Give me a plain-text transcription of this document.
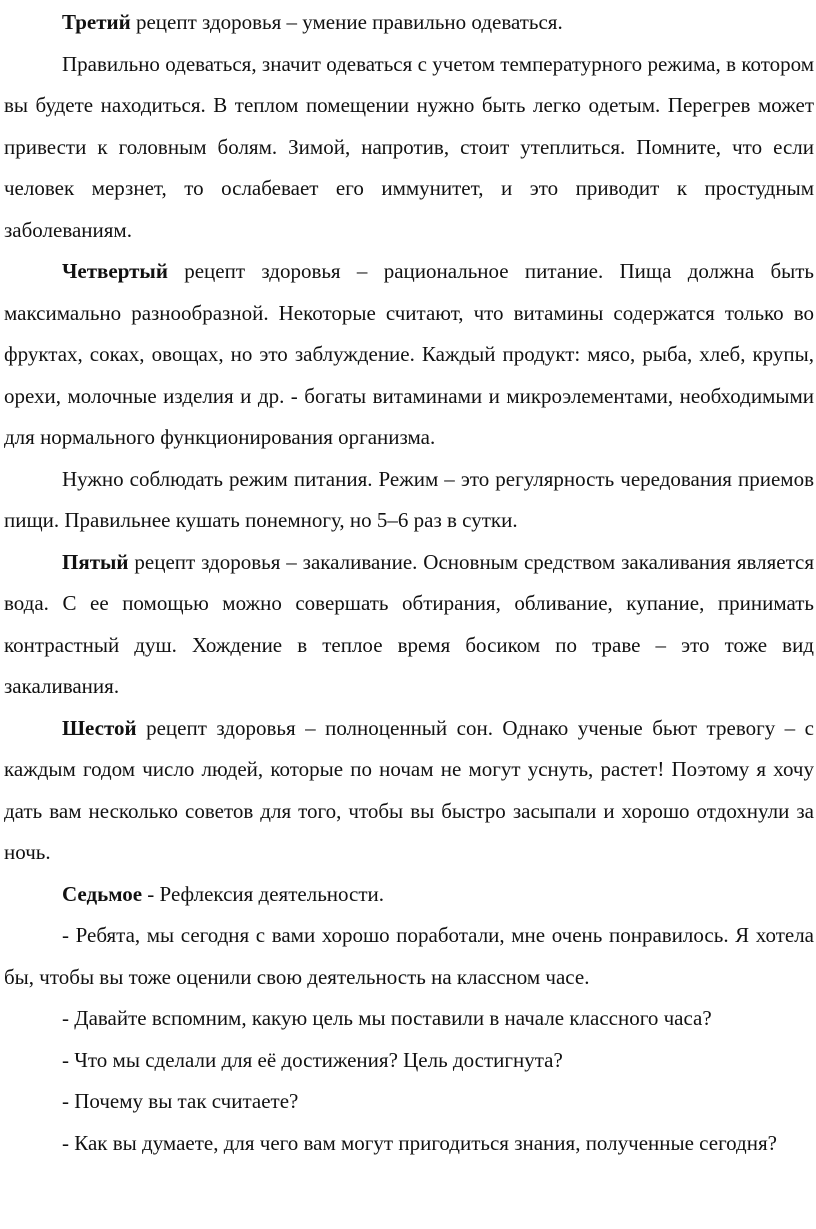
Третий рецепт здоровья – умение правильно одеваться.

Правильно одеваться, значит одеваться с учетом температурного режима, в котором вы будете находиться. В теплом помещении нужно быть легко одетым. Перегрев может привести к головным болям. Зимой, напротив, стоит утеплиться. Помните, что если человек мерзнет, то ослабевает его иммунитет, и это приводит к простудным заболеваниям.

Четвертый рецепт здоровья – рациональное питание. Пища должна быть максимально разнообразной. Некоторые считают, что витамины содержатся только во фруктах, соках, овощах, но это заблуждение. Каждый продукт: мясо, рыба, хлеб, крупы, орехи, молочные изделия и др. - богаты витаминами и микроэлементами, необходимыми для нормального функционирования организма.

Нужно соблюдать режим питания. Режим – это регулярность чередования приемов пищи. Правильнее кушать понемногу, но 5–6 раз в сутки.

Пятый рецепт здоровья – закаливание. Основным средством закаливания является вода. С ее помощью можно совершать обтирания, обливание, купание, принимать контрастный душ. Хождение в теплое время босиком по траве – это тоже вид закаливания.

Шестой рецепт здоровья – полноценный сон. Однако ученые бьют тревогу – с каждым годом число людей, которые по ночам не могут уснуть, растет! Поэтому я хочу дать вам несколько советов для того, чтобы вы быстро засыпали и хорошо отдохнули за ночь.

Седьмое - Рефлексия деятельности.

- Ребята, мы сегодня с вами хорошо поработали, мне очень понравилось. Я хотела бы, чтобы вы тоже оценили свою деятельность на классном часе.

- Давайте вспомним, какую цель мы поставили в начале классного часа?

- Что мы сделали для её достижения? Цель достигнута?

- Почему вы так считаете?

- Как вы думаете, для чего вам могут пригодиться знания, полученные сегодня?
